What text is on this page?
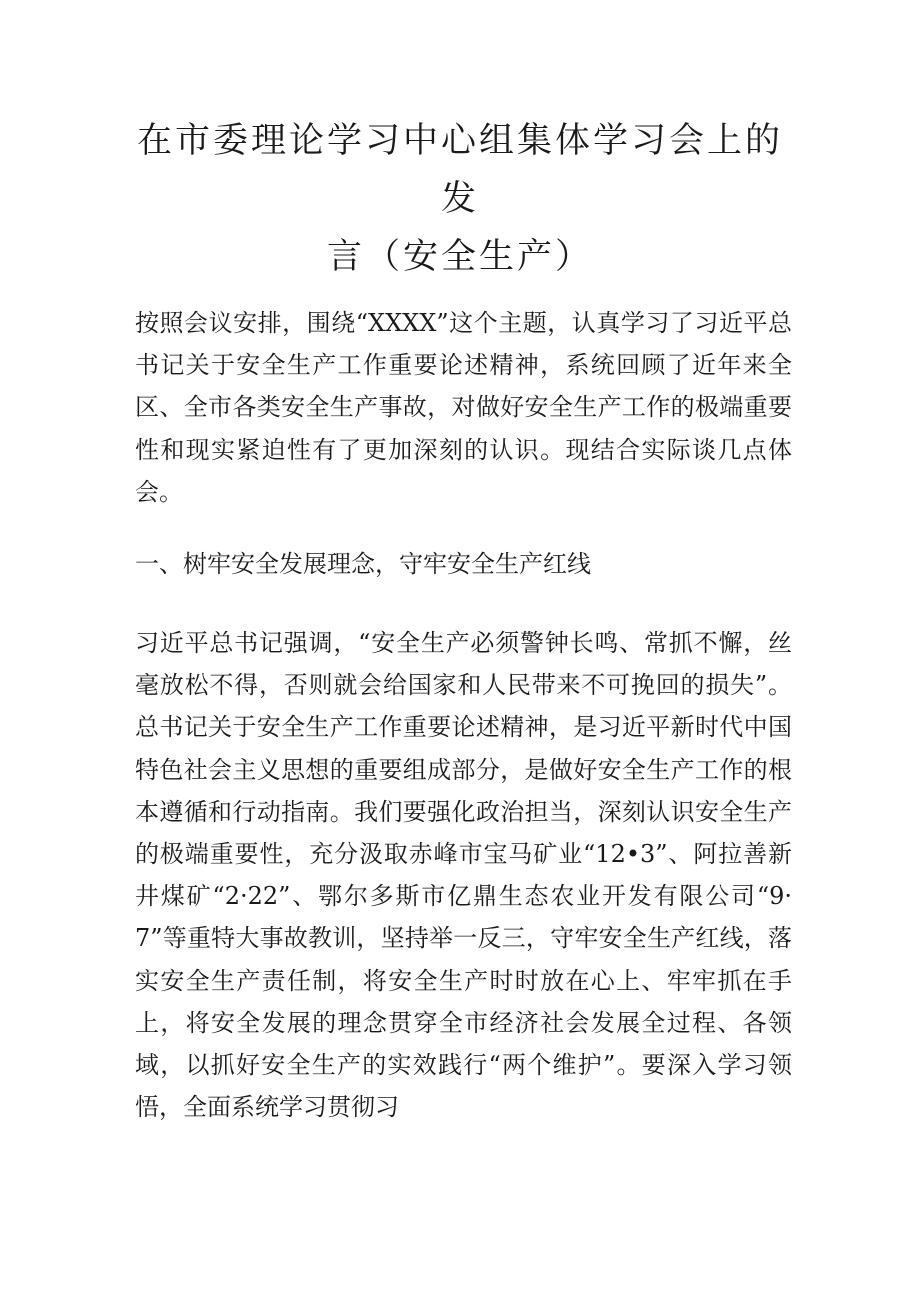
在市委理论学习中心组集体学习会上的发
言（安全生产）

按照会议安排，围绕“XXXX”这个主题，认真学习了习近平总书记关于安全生产工作重要论述精神，系统回顾了近年来全区、全市各类安全生产事故，对做好安全生产工作的极端重要性和现实紧迫性有了更加深刻的认识。现结合实际谈几点体会。

一、树牢安全发展理念，守牢安全生产红线

习近平总书记强调，“安全生产必须警钟长鸣、常抓不懈，丝毫放松不得，否则就会给国家和人民带来不可挽回的损失”。总书记关于安全生产工作重要论述精神，是习近平新时代中国特色社会主义思想的重要组成部分，是做好安全生产工作的根本遵循和行动指南。我们要强化政治担当，深刻认识安全生产的极端重要性，充分汲取赤峰市宝马矿业“12•3”、阿拉善新井煤矿“2·22”、鄂尔多斯市亿鼎生态农业开发有限公司“9·7”等重特大事故教训，坚持举一反三，守牢安全生产红线，落实安全生产责任制，将安全生产时时放在心上、牢牢抓在手上，将安全发展的理念贯穿全市经济社会发展全过程、各领域，以抓好安全生产的实效践行“两个维护”。要深入学习领悟，全面系统学习贯彻习
